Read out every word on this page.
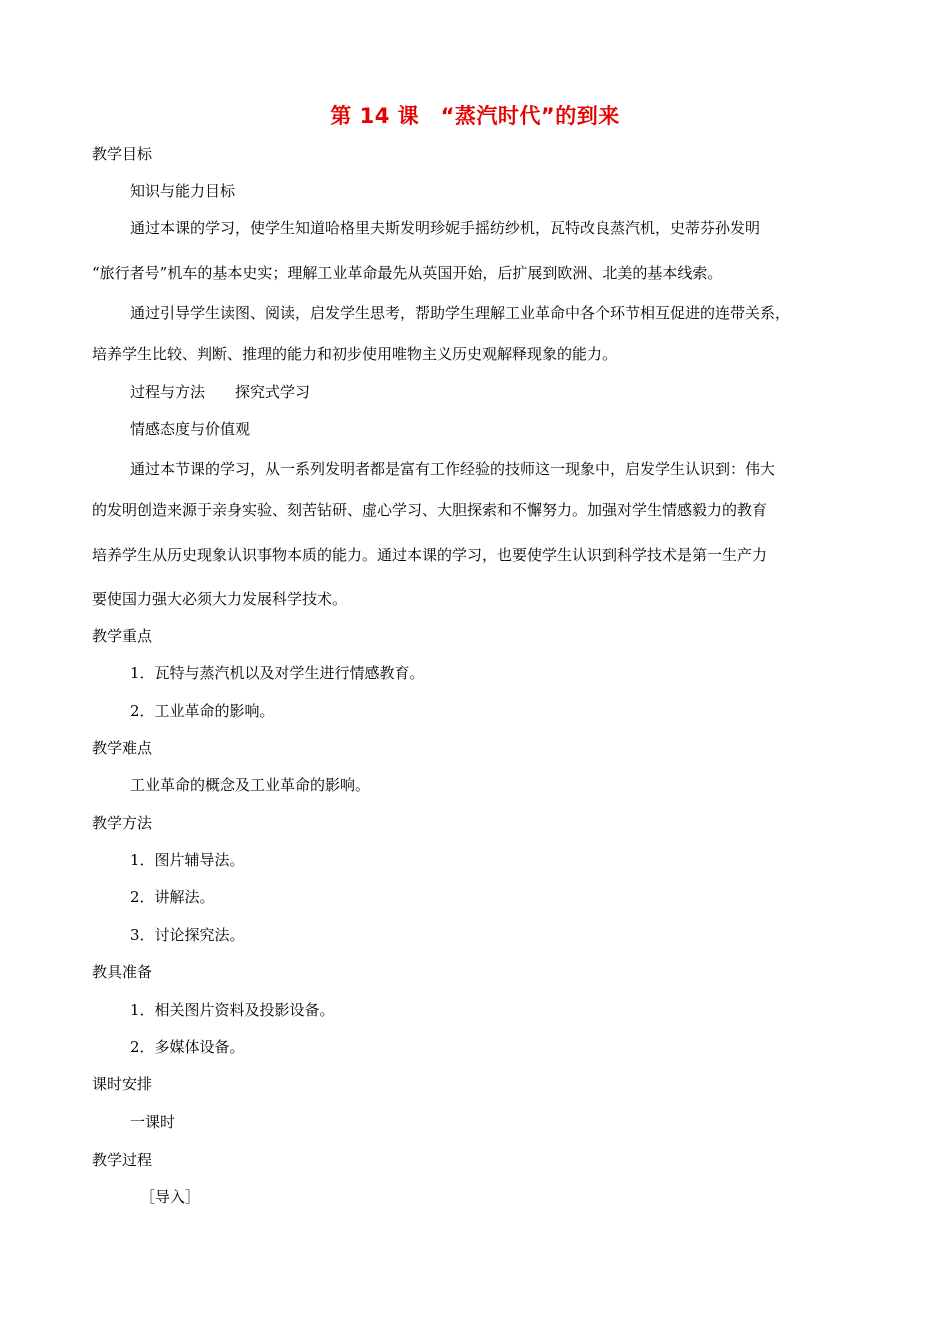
第 14 课　“蒸汽时代”的到来
教学目标
知识与能力目标
通过本课的学习，使学生知道哈格里夫斯发明珍妮手摇纺纱机，瓦特改良蒸汽机，史蒂芬孙发明
“旅行者号”机车的基本史实；理解工业革命最先从英国开始，后扩展到欧洲、北美的基本线索。
通过引导学生读图、阅读，启发学生思考，帮助学生理解工业革命中各个环节相互促进的连带关系，
培养学生比较、判断、推理的能力和初步使用唯物主义历史观解释现象的能力。
过程与方法 探究式学习
情感态度与价值观
通过本节课的学习，从一系列发明者都是富有工作经验的技师这一现象中，启发学生认识到：伟大
的发明创造来源于亲身实验、刻苦钻研、虚心学习、大胆探索和不懈努力。加强对学生情感毅力的教育
培养学生从历史现象认识事物本质的能力。通过本课的学习，也要使学生认识到科学技术是第一生产力
要使国力强大必须大力发展科学技术。
教学重点
1．瓦特与蒸汽机以及对学生进行情感教育。
2．工业革命的影响。
教学难点
工业革命的概念及工业革命的影响。
教学方法
1．图片辅导法。
2．讲解法。
3．讨论探究法。
教具准备
1．相关图片资料及投影设备。
2．多媒体设备。
课时安排
一课时
教学过程
［导入］
